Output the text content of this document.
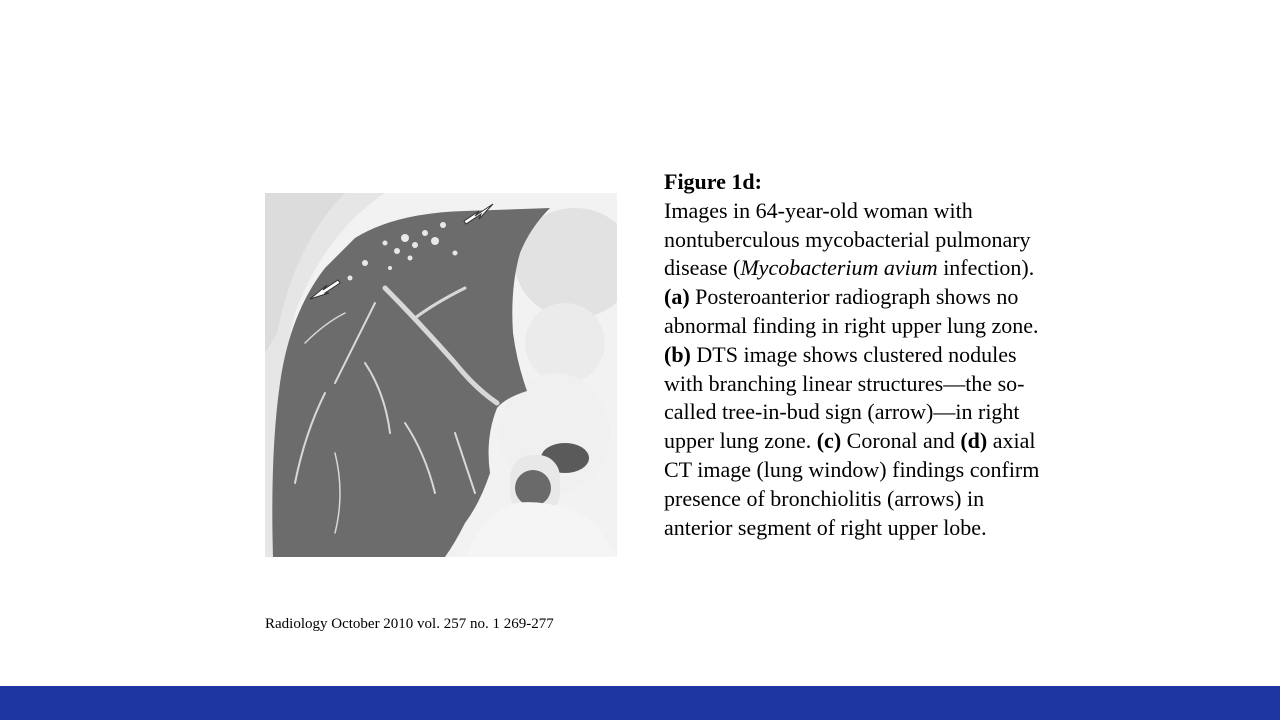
Figure 1d:
Images in 64-year-old woman with nontuberculous mycobacterial pulmonary disease (Mycobacterium avium infection). (a) Posteroanterior radiograph shows no abnormal finding in right upper lung zone. (b) DTS image shows clustered nodules with branching linear structures—the so-called tree-in-bud sign (arrow)—in right upper lung zone. (c) Coronal and (d) axial CT image (lung window) findings confirm presence of bronchiolitis (arrows) in anterior segment of right upper lobe.
Radiology October 2010 vol. 257 no. 1 269-277
